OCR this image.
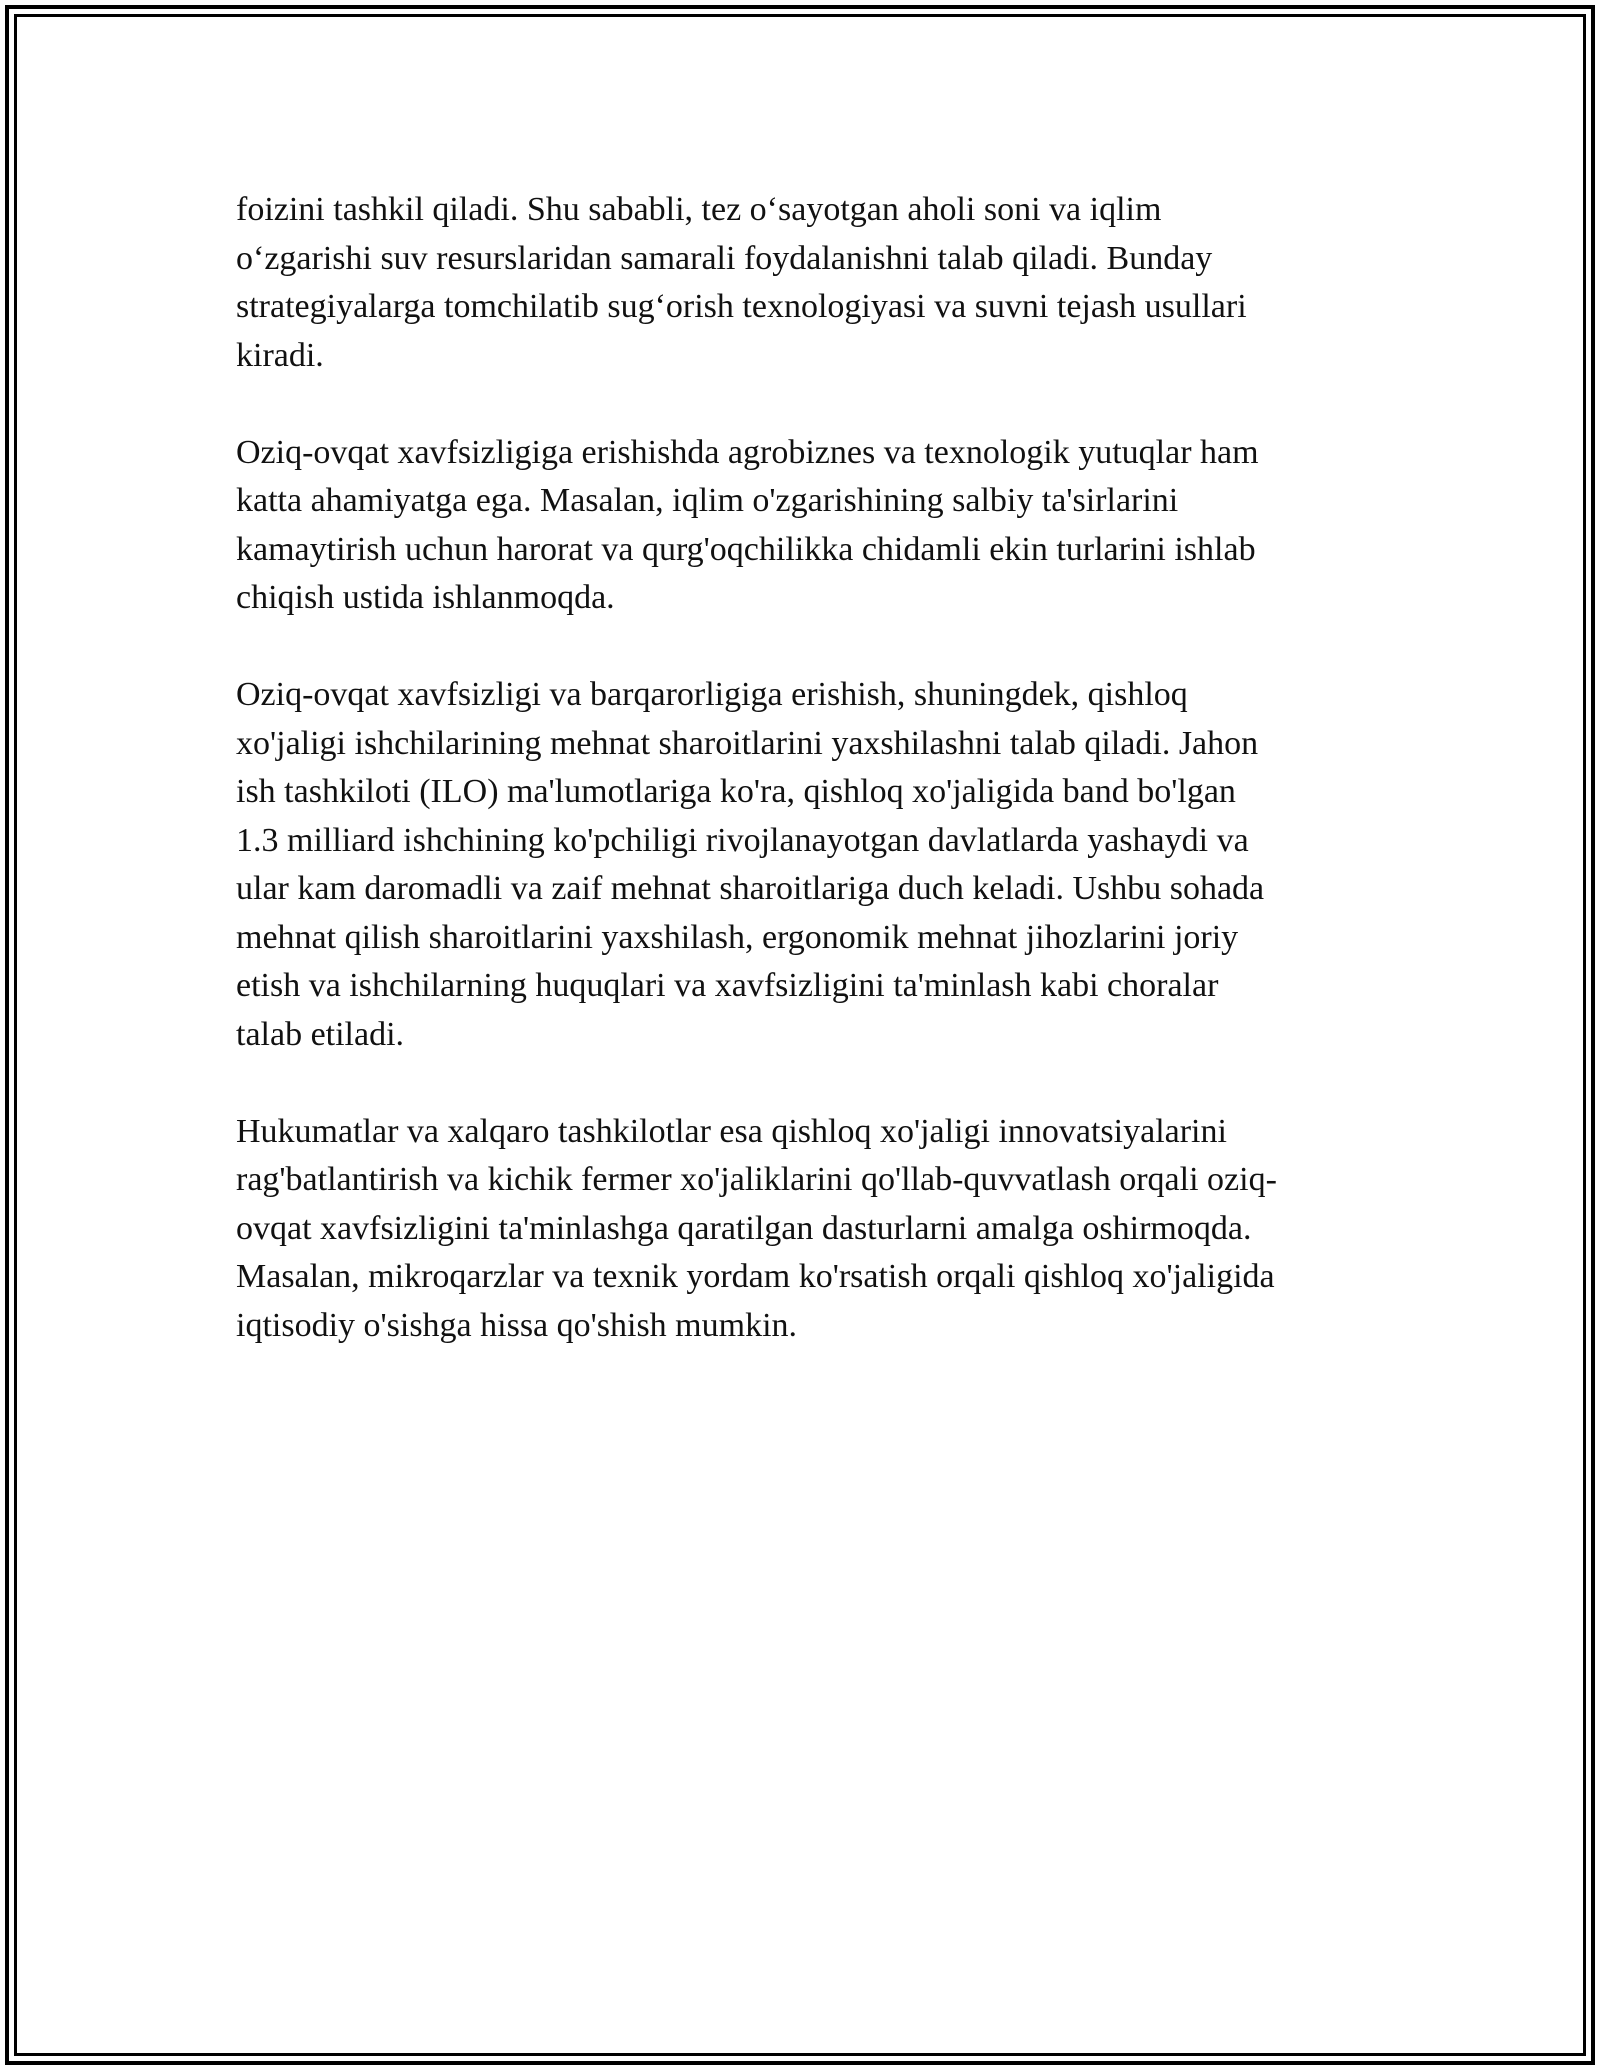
foizini tashkil qiladi. Shu sababli, tez o‘sayotgan aholi soni va iqlim
o‘zgarishi suv resurslaridan samarali foydalanishni talab qiladi. Bunday
strategiyalarga tomchilatib sug‘orish texnologiyasi va suvni tejash usullari
kiradi.

Oziq-ovqat xavfsizligiga erishishda agrobiznes va texnologik yutuqlar ham
katta ahamiyatga ega. Masalan, iqlim o'zgarishining salbiy ta'sirlarini
kamaytirish uchun harorat va qurg'oqchilikka chidamli ekin turlarini ishlab
chiqish ustida ishlanmoqda.

Oziq-ovqat xavfsizligi va barqarorligiga erishish, shuningdek, qishloq
xo'jaligi ishchilarining mehnat sharoitlarini yaxshilashni talab qiladi. Jahon
ish tashkiloti (ILO) ma'lumotlariga ko'ra, qishloq xo'jaligida band bo'lgan
1.3 milliard ishchining ko'pchiligi rivojlanayotgan davlatlarda yashaydi va
ular kam daromadli va zaif mehnat sharoitlariga duch keladi. Ushbu sohada
mehnat qilish sharoitlarini yaxshilash, ergonomik mehnat jihozlarini joriy
etish va ishchilarning huquqlari va xavfsizligini ta'minlash kabi choralar
talab etiladi.

Hukumatlar va xalqaro tashkilotlar esa qishloq xo'jaligi innovatsiyalarini
rag'batlantirish va kichik fermer xo'jaliklarini qo'llab-quvvatlash orqali oziq-
ovqat xavfsizligini ta'minlashga qaratilgan dasturlarni amalga oshirmoqda.
Masalan, mikroqarzlar va texnik yordam ko'rsatish orqali qishloq xo'jaligida
iqtisodiy o'sishga hissa qo'shish mumkin.
